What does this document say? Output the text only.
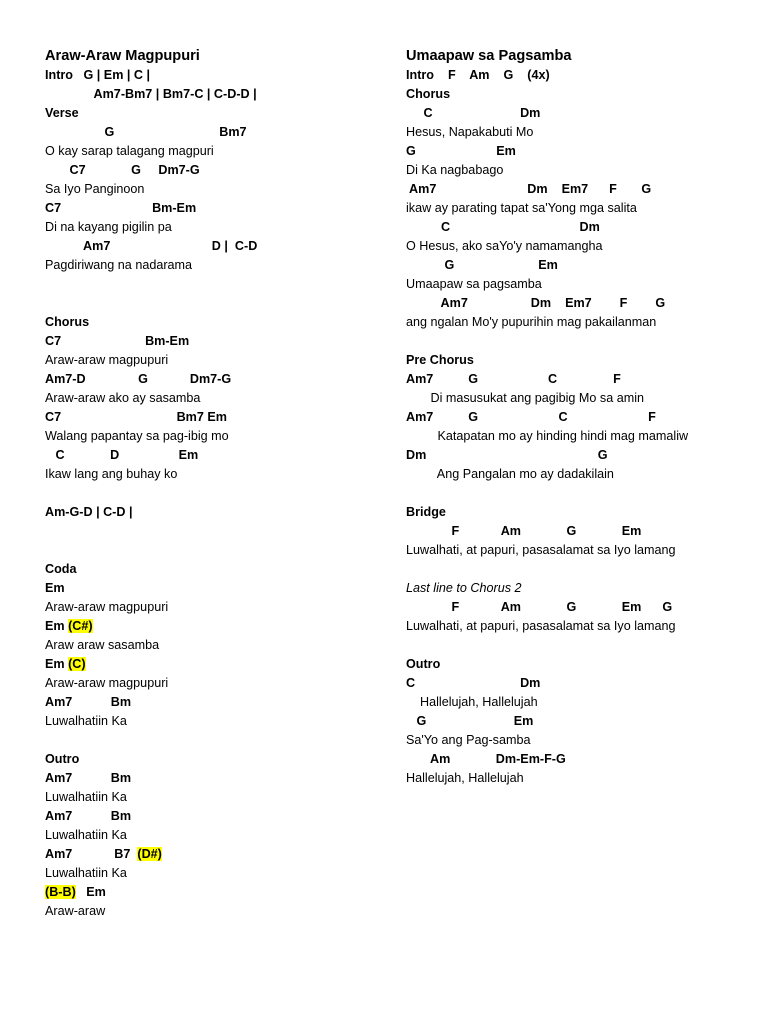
Araw-Araw Magpupuri
Intro   G | Em | C |
Am7-Bm7 | Bm7-C | C-D-D |
Verse
G                              Bm7
O kay sarap talagang magpuri
C7             G     Dm7-G
Sa Iyo Panginoon
C7                          Bm-Em
Di na kayang pigilin pa
Am7                             D |  C-D
Pagdiriwang na nadarama
Chorus
C7                        Bm-Em
Araw-araw magpupuri
Am7-D               G            Dm7-G
Araw-araw ako ay sasamba
C7                                 Bm7 Em
Walang papantay sa pag-ibig mo
C             D                 Em
Ikaw lang ang buhay ko
Am-G-D | C-D |
Coda
Em
Araw-araw magpupuri
Em (C#)
Araw araw sasamba
Em (C)
Araw-araw magpupuri
Am7           Bm
Luwalhatiin Ka
Outro
Am7           Bm
Luwalhatiin Ka
Am7           Bm
Luwalhatiin Ka
Am7            B7  (D#)
Luwalhatiin Ka
(B-B)   Em
Araw-araw
Umaapaw sa Pagsamba
Intro    F    Am    G    (4x)
Chorus
C                         Dm
Hesus, Napakabuti Mo
G                       Em
Di Ka nagbabago
Am7                          Dm    Em7      F       G
ikaw ay parating tapat sa'Yong mga salita
C                                     Dm
O Hesus, ako saYo'y namamangha
G                        Em
Umaapaw sa pagsamba
Am7                  Dm    Em7        F        G
ang ngalan Mo'y pupurihin mag pakailanman
Pre Chorus
Am7          G                    C                F
Di masusukat ang pagibig Mo sa amin
Am7          G                       C                       F
Katapatan mo ay hinding hindi mag mamaliw
Dm                                                 G
Ang Pangalan mo ay dadakilain
Bridge
F            Am             G             Em
Luwalhati, at papuri, pasasalamat sa Iyo lamang
Last line to Chorus 2
F            Am             G             Em      G
Luwalhati, at papuri, pasasalamat sa Iyo lamang
Outro
C                              Dm
Hallelujah, Hallelujah
G                         Em
Sa'Yo ang Pag-samba
Am             Dm-Em-F-G
Hallelujah, Hallelujah
